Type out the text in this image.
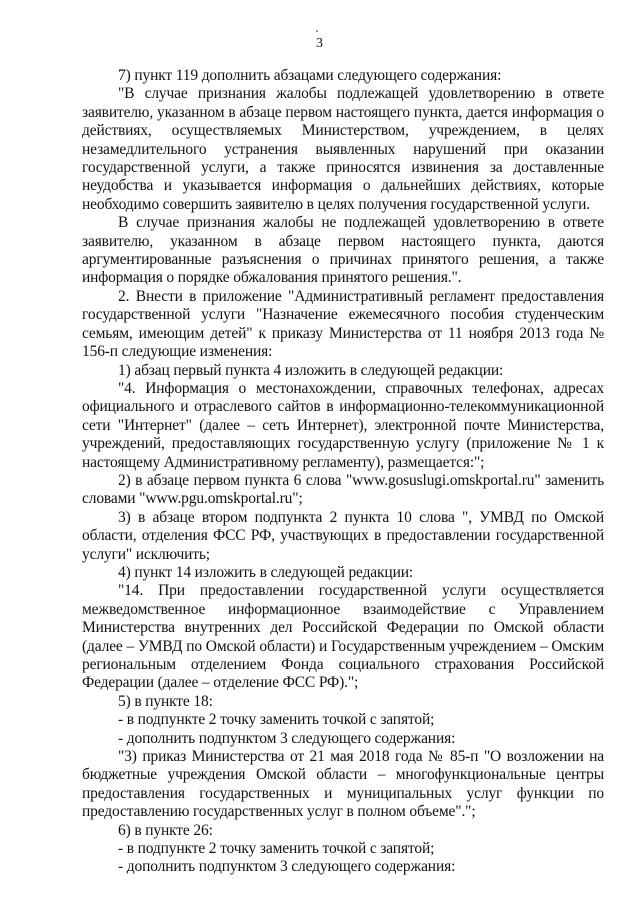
3

7) пункт 119 дополнить абзацами следующего содержания:

"В случае признания жалобы подлежащей удовлетворению в ответе заявителю, указанном в абзаце первом настоящего пункта, дается информация о действиях, осуществляемых Министерством, учреждением, в целях незамедлительного устранения выявленных нарушений при оказании государственной услуги, а также приносятся извинения за доставленные неудобства и указывается информация о дальнейших действиях, которые необходимо совершить заявителю в целях получения государственной услуги.

В случае признания жалобы не подлежащей удовлетворению в ответе заявителю, указанном в абзаце первом настоящего пункта, даются аргументированные разъяснения о причинах принятого решения, а также информация о порядке обжалования принятого решения.".

2. Внести в приложение "Административный регламент предоставления государственной услуги "Назначение ежемесячного пособия студенческим семьям, имеющим детей" к приказу Министерства от 11 ноября 2013 года № 156-п следующие изменения:

1) абзац первый пункта 4 изложить в следующей редакции:

"4. Информация о местонахождении, справочных телефонах, адресах официального и отраслевого сайтов в информационно-телекоммуникационной сети "Интернет" (далее – сеть Интернет), электронной почте Министерства, учреждений, предоставляющих государственную услугу (приложение № 1 к настоящему Административному регламенту), размещается:";

2) в абзаце первом пункта 6 слова "www.gosuslugi.omskportal.ru" заменить словами "www.pgu.omskportal.ru";

3) в абзаце втором подпункта 2 пункта 10 слова ", УМВД по Омской области, отделения ФСС РФ, участвующих в предоставлении государственной услуги" исключить;

4) пункт 14 изложить в следующей редакции:

"14. При предоставлении государственной услуги осуществляется межведомственное информационное взаимодействие с Управлением Министерства внутренних дел Российской Федерации по Омской области (далее – УМВД по Омской области) и Государственным учреждением – Омским региональным отделением Фонда социального страхования Российской Федерации (далее – отделение ФСС РФ).";

5) в пункте 18:

- в подпункте 2 точку заменить точкой с запятой;

- дополнить подпунктом 3 следующего содержания:

"3) приказ Министерства от 21 мая 2018 года № 85-п "О возложении на бюджетные учреждения Омской области – многофункциональные центры предоставления государственных и муниципальных услуг функции по предоставлению государственных услуг в полном объеме".";

6) в пункте 26:

- в подпункте 2 точку заменить точкой с запятой;

- дополнить подпунктом 3 следующего содержания:
